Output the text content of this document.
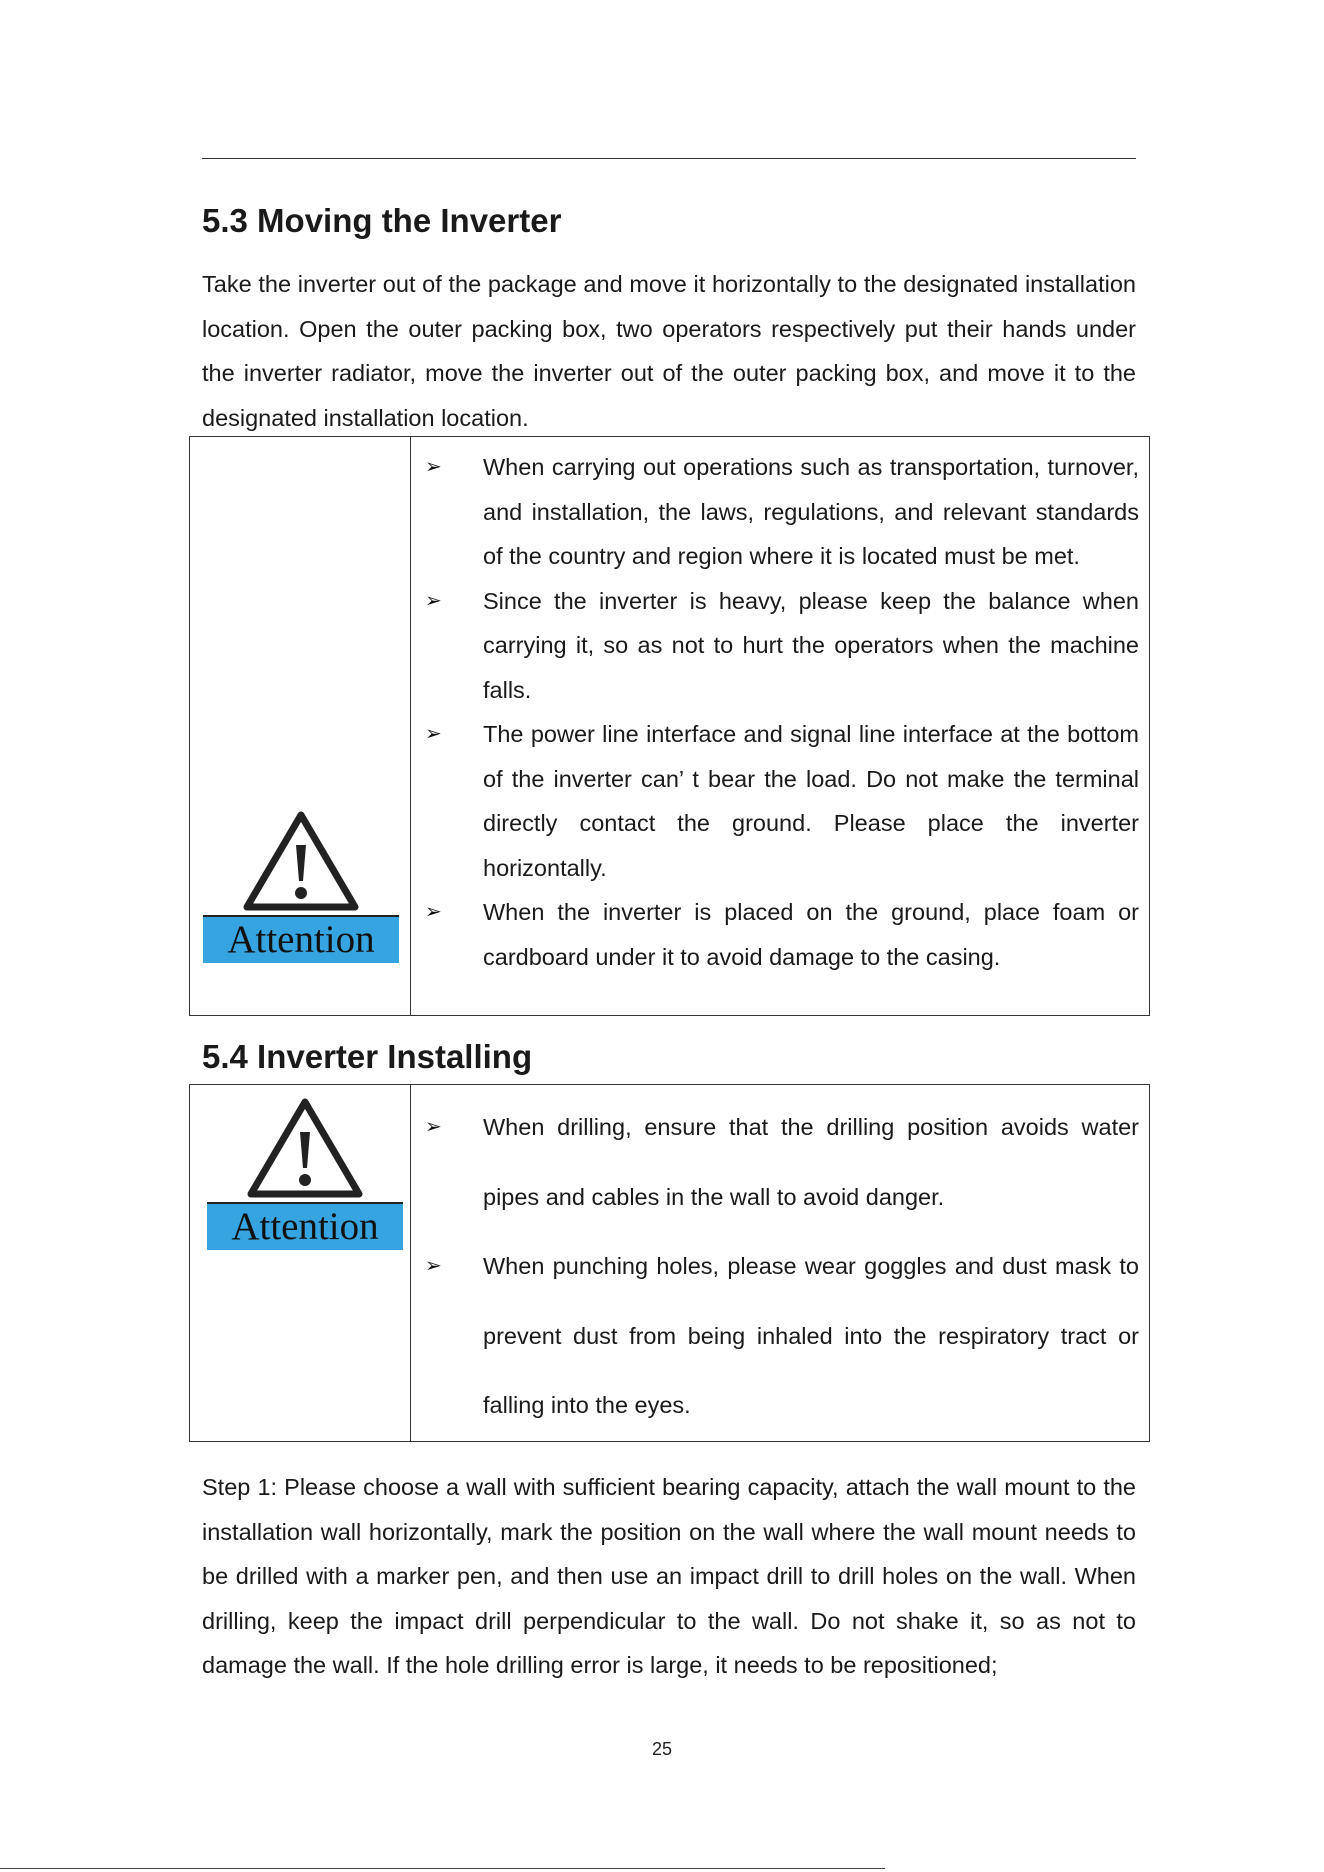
5.3 Moving the Inverter

Take the inverter out of the package and move it horizontally to the designated installation location. Open the outer packing box, two operators respectively put their hands under the inverter radiator, move the inverter out of the outer packing box, and move it to the designated installation location.

Attention

➢ When carrying out operations such as transportation, turnover, and installation, the laws, regulations, and relevant standards of the country and region where it is located must be met.
➢ Since the inverter is heavy, please keep the balance when carrying it, so as not to hurt the operators when the machine falls.
➢ The power line interface and signal line interface at the bottom of the inverter can’ t bear the load. Do not make the terminal directly contact the ground. Please place the inverter horizontally.
➢ When the inverter is placed on the ground, place foam or cardboard under it to avoid damage to the casing.
5.4 Inverter Installing
Attention

➢ When drilling, ensure that the drilling position avoids water pipes and cables in the wall to avoid danger.
➢ When punching holes, please wear goggles and dust mask to prevent dust from being inhaled into the respiratory tract or falling into the eyes.

Step 1: Please choose a wall with sufficient bearing capacity, attach the wall mount to the installation wall horizontally, mark the position on the wall where the wall mount needs to be drilled with a marker pen, and then use an impact drill to drill holes on the wall. When drilling, keep the impact drill perpendicular to the wall. Do not shake it, so as not to damage the wall. If the hole drilling error is large, it needs to be repositioned;

25
